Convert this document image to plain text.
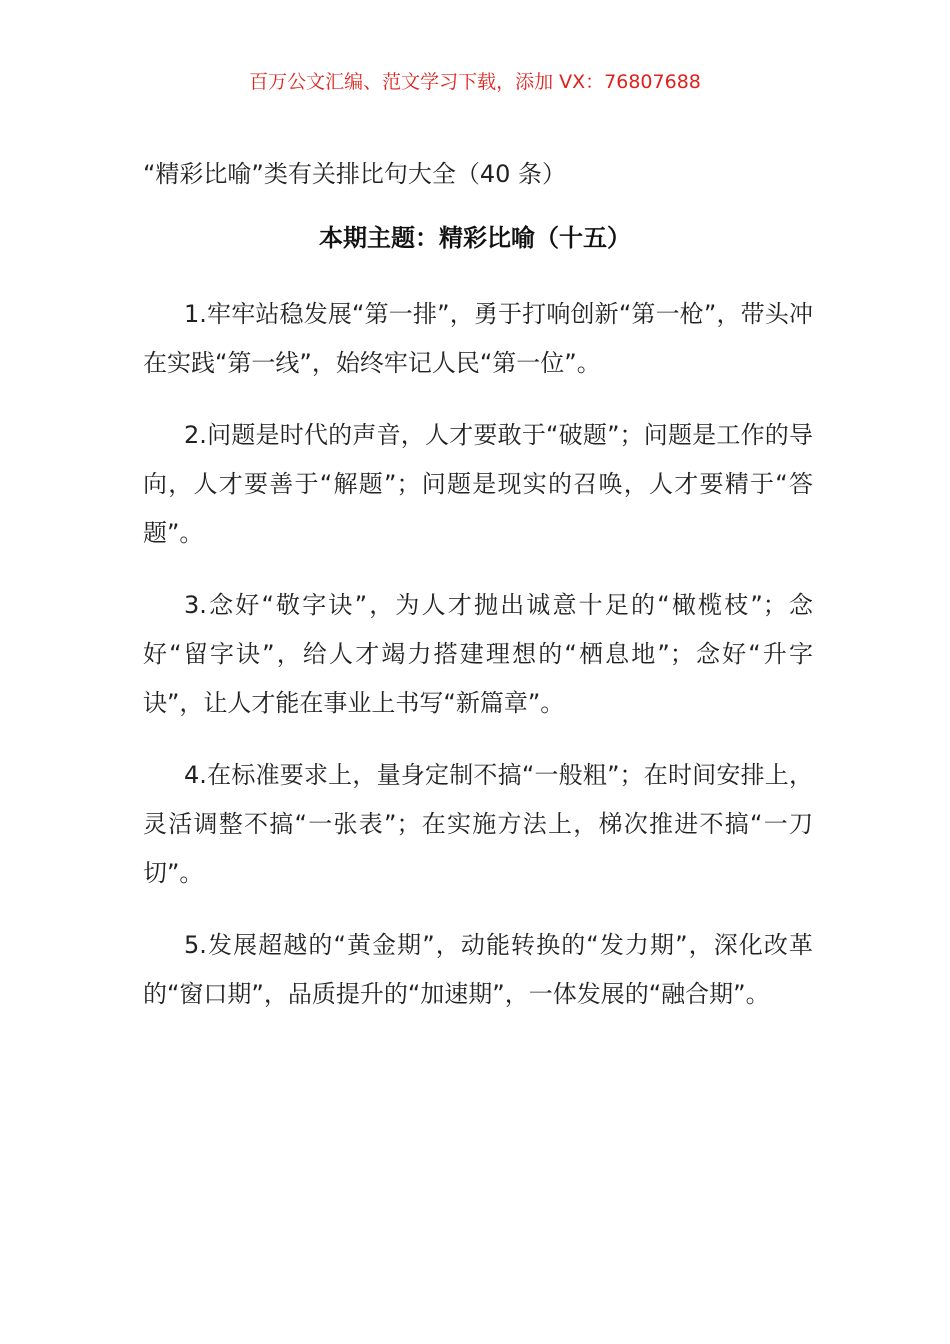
百万公文汇编、范文学习下载，添加 VX：76807688
“精彩比喻”类有关排比句大全（40 条）
本期主题：精彩比喻（十五）

1.牢牢站稳发展“第一排”，勇于打响创新“第一枪”，带头冲在实践“第一线”，始终牢记人民“第一位”。

2.问题是时代的声音，人才要敢于“破题”；问题是工作的导向，人才要善于“解题”；问题是现实的召唤，人才要精于“答题”。

3.念好“敬字诀”，为人才抛出诚意十足的“橄榄枝”；念好“留字诀”，给人才竭力搭建理想的“栖息地”；念好“升字诀”，让人才能在事业上书写“新篇章”。

4.在标准要求上，量身定制不搞“一般粗”；在时间安排上，灵活调整不搞“一张表”；在实施方法上，梯次推进不搞“一刀切”。

5.发展超越的“黄金期”，动能转换的“发力期”，深化改革的“窗口期”，品质提升的“加速期”，一体发展的“融合期”。
